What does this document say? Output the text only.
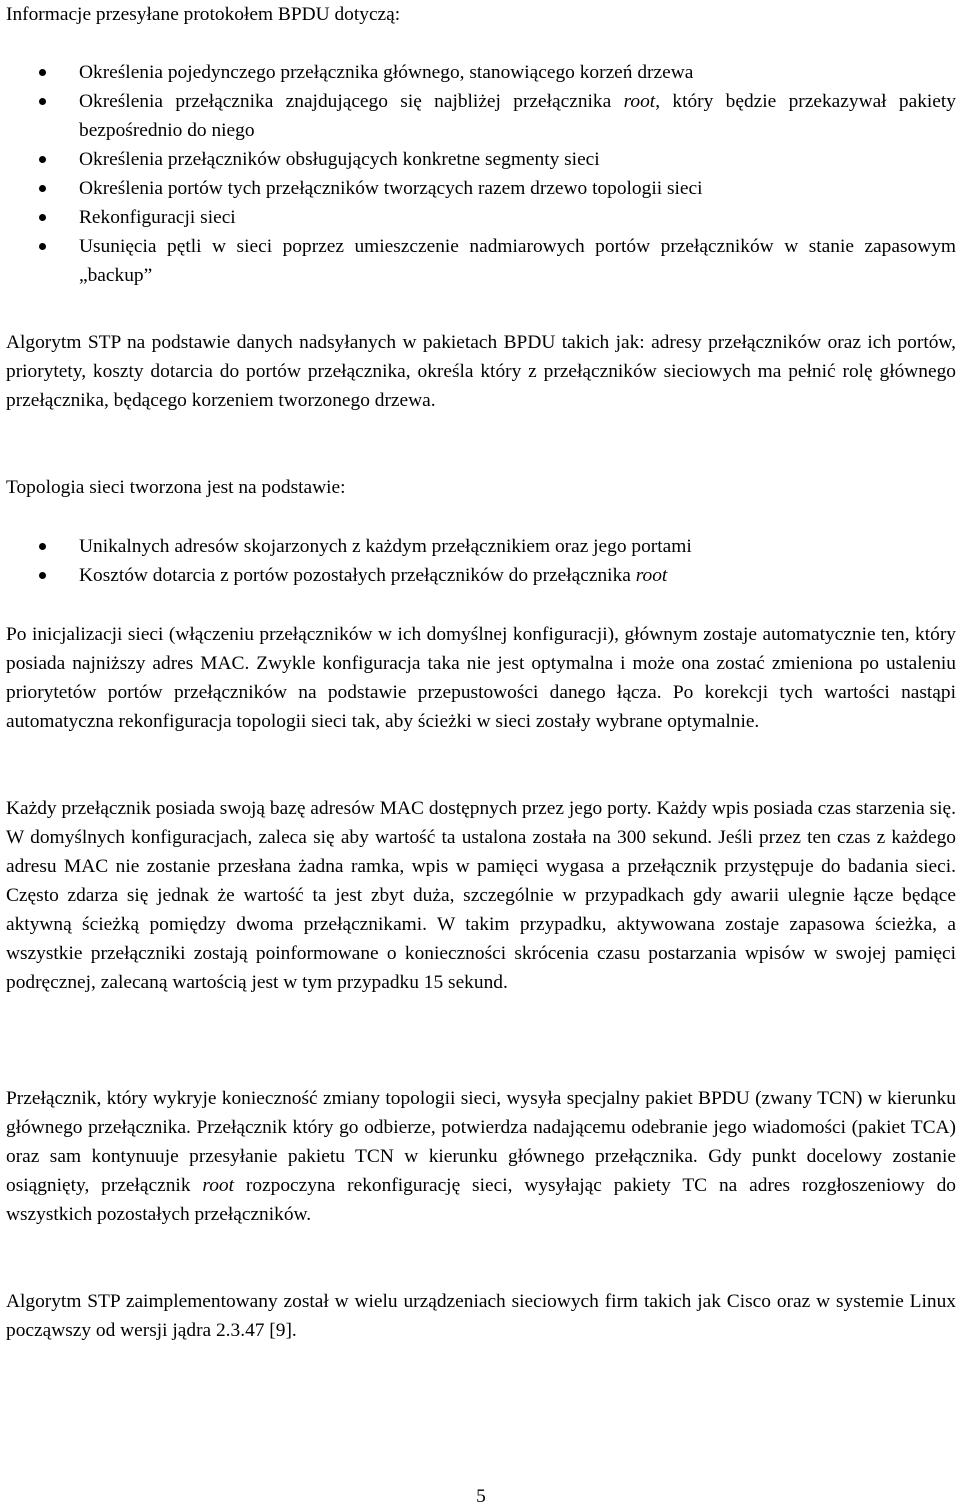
Informacje przesyłane protokołem BPDU dotyczą:

Określenia pojedynczego przełącznika głównego, stanowiącego korzeń drzewa
Określenia przełącznika znajdującego się najbliżej przełącznika root, który będzie przekazywał pakiety bezpośrednio do niego
Określenia przełączników obsługujących konkretne segmenty sieci
Określenia portów tych przełączników tworzących razem drzewo topologii sieci
Rekonfiguracji sieci
Usunięcia pętli w sieci poprzez umieszczenie nadmiarowych portów przełączników w stanie zapasowym „backup”

Algorytm STP na podstawie danych nadsyłanych w pakietach BPDU takich jak: adresy przełączników oraz ich portów, priorytety, koszty dotarcia do portów przełącznika, określa który z przełączników sieciowych ma pełnić rolę głównego przełącznika, będącego korzeniem tworzonego drzewa.

Topologia sieci tworzona jest na podstawie:

Unikalnych adresów skojarzonych z każdym przełącznikiem oraz jego portami
Kosztów dotarcia z portów pozostałych przełączników do przełącznika root

Po inicjalizacji sieci (włączeniu przełączników w ich domyślnej konfiguracji), głównym zostaje automatycznie ten, który posiada najniższy adres MAC. Zwykle konfiguracja taka nie jest optymalna i może ona zostać zmieniona po ustaleniu priorytetów portów przełączników na podstawie przepustowości danego łącza. Po korekcji tych wartości nastąpi automatyczna rekonfiguracja topologii sieci tak, aby ścieżki w sieci zostały wybrane optymalnie.

Każdy przełącznik posiada swoją bazę adresów MAC dostępnych przez jego porty. Każdy wpis posiada czas starzenia się. W domyślnych konfiguracjach, zaleca się aby wartość ta ustalona została na 300 sekund. Jeśli przez ten czas z każdego adresu MAC nie zostanie przesłana żadna ramka, wpis w pamięci wygasa a przełącznik przystępuje do badania sieci. Często zdarza się jednak że wartość ta jest zbyt duża, szczególnie w przypadkach gdy awarii ulegnie łącze będące aktywną ścieżką pomiędzy dwoma przełącznikami. W takim przypadku, aktywowana zostaje zapasowa ścieżka, a wszystkie przełączniki zostają poinformowane o konieczności skrócenia czasu postarzania wpisów w swojej pamięci podręcznej, zalecaną wartością jest w tym przypadku 15 sekund.

Przełącznik, który wykryje konieczność zmiany topologii sieci, wysyła specjalny pakiet BPDU (zwany TCN) w kierunku głównego przełącznika. Przełącznik który go odbierze, potwierdza nadającemu odebranie jego wiadomości (pakiet TCA) oraz sam kontynuuje przesyłanie pakietu TCN w kierunku głównego przełącznika. Gdy punkt docelowy zostanie osiągnięty, przełącznik root rozpoczyna rekonfigurację sieci, wysyłając pakiety TC na adres rozgłoszeniowy do wszystkich pozostałych przełączników.

Algorytm STP zaimplementowany został w wielu urządzeniach sieciowych firm takich jak Cisco oraz w systemie Linux począwszy od wersji jądra 2.3.47 [9].

5
